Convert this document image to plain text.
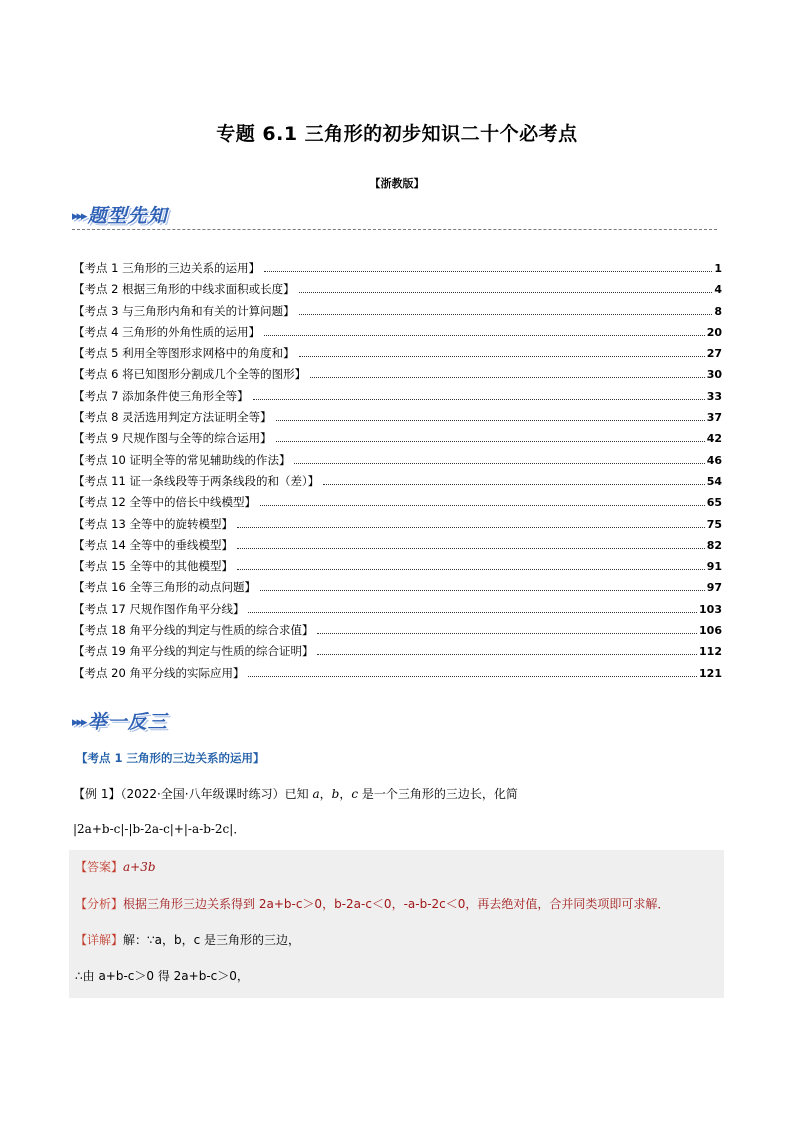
专题 6.1 三角形的初步知识二十个必考点
【浙教版】
▸▸▸ 题型先知
【考点 1 三角形的三边关系的运用】	1
【考点 2 根据三角形的中线求面积或长度】	4
【考点 3 与三角形内角和有关的计算问题】	8
【考点 4 三角形的外角性质的运用】	20
【考点 5 利用全等图形求网格中的角度和】	27
【考点 6 将已知图形分割成几个全等的图形】	30
【考点 7 添加条件使三角形全等】	33
【考点 8 灵活选用判定方法证明全等】	37
【考点 9 尺规作图与全等的综合运用】	42
【考点 10 证明全等的常见辅助线的作法】	46
【考点 11 证一条线段等于两条线段的和（差）】	54
【考点 12 全等中的倍长中线模型】	65
【考点 13 全等中的旋转模型】	75
【考点 14 全等中的垂线模型】	82
【考点 15 全等中的其他模型】	91
【考点 16 全等三角形的动点问题】	97
【考点 17 尺规作图作角平分线】	103
【考点 18 角平分线的判定与性质的综合求值】	106
【考点 19 角平分线的判定与性质的综合证明】	112
【考点 20 角平分线的实际应用】	121
▸▸▸ 举一反三
【考点 1 三角形的三边关系的运用】
【例 1】（2022·全国·八年级课时练习）已知 a，b，c 是一个三角形的三边长，化简
|2a+b-c|-|b-2a-c|+|-a-b-2c|．
【答案】a+3b
【分析】根据三角形三边关系得到 2a+b-c＞0，b-2a-c＜0，-a-b-2c＜0，再去绝对值，合并同类项即可求解．
【详解】解：∵a，b，c 是三角形的三边，
∴由 a+b-c＞0 得 2a+b-c＞0，
